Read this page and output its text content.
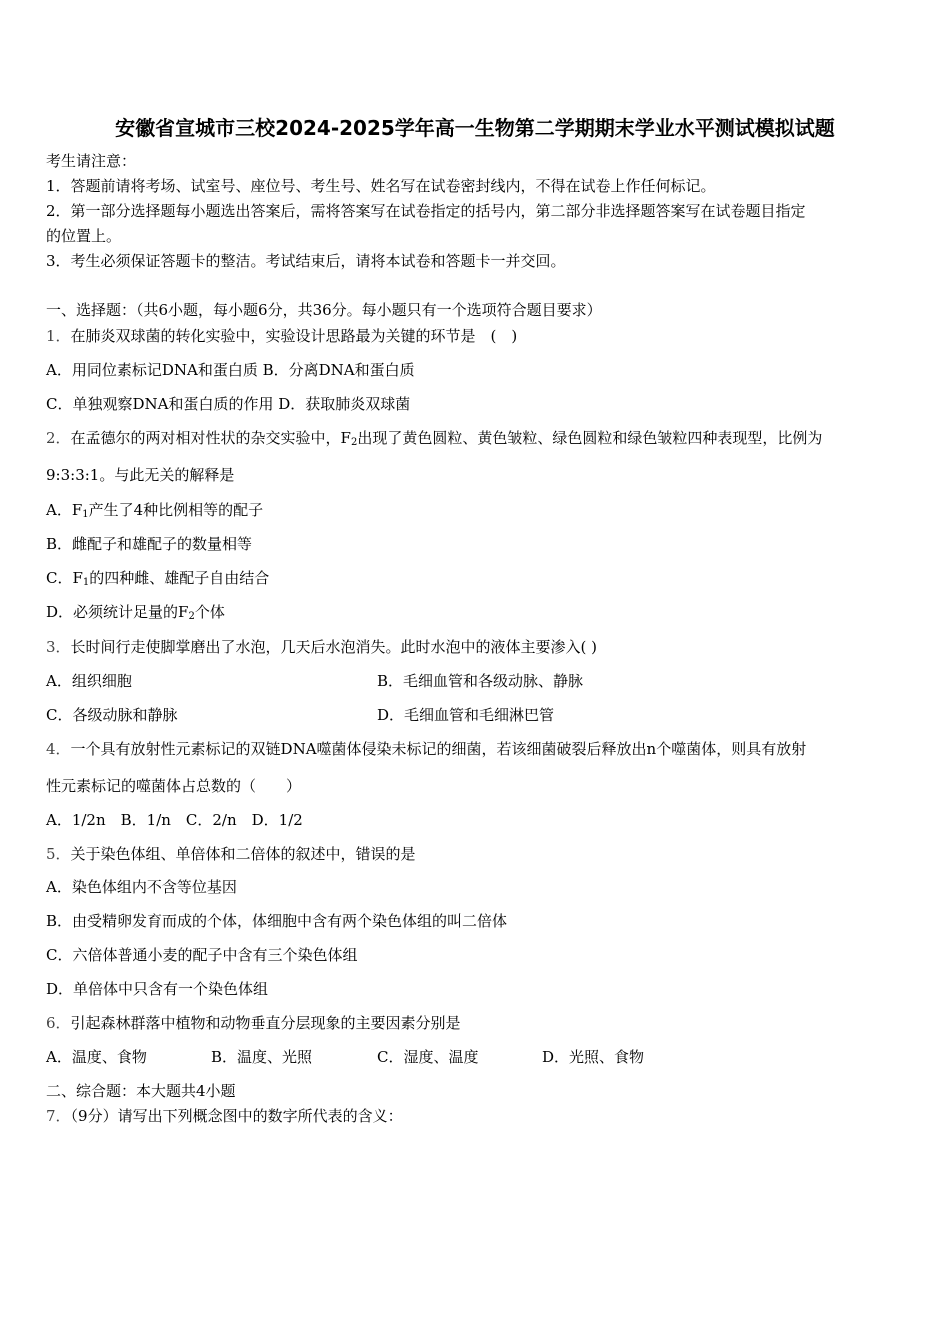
安徽省宣城市三校2024-2025学年高一生物第二学期期末学业水平测试模拟试题
考生请注意：
1．答题前请将考场、试室号、座位号、考生号、姓名写在试卷密封线内，不得在试卷上作任何标记。
2．第一部分选择题每小题选出答案后，需将答案写在试卷指定的括号内，第二部分非选择题答案写在试卷题目指定
的位置上。
3．考生必须保证答题卡的整洁。考试结束后，请将本试卷和答题卡一并交回。
一、选择题：（共6小题，每小题6分，共36分。每小题只有一个选项符合题目要求）
1．在肺炎双球菌的转化实验中，实验设计思路最为关键的环节是　(　)
A．用同位素标记DNA和蛋白质 B．分离DNA和蛋白质
C．单独观察DNA和蛋白质的作用 D．获取肺炎双球菌
2．在孟德尔的两对相对性状的杂交实验中，$F_2$出现了黄色圆粒、黄色皱粒、绿色圆粒和绿色皱粒四种表现型，比例为
9:3:3:1。与此无关的解释是
A．$F_1$产生了4种比例相等的配子
B．雌配子和雄配子的数量相等
C．$F_1$的四种雌、雄配子自由结合
D．必须统计足量的$F_2$个体
3．长时间行走使脚掌磨出了水泡，几天后水泡消失。此时水泡中的液体主要渗入( )
A．组织细胞	B．毛细血管和各级动脉、静脉
C．各级动脉和静脉	D．毛细血管和毛细淋巴管
4．一个具有放射性元素标记的双链DNA噬菌体侵染未标记的细菌，若该细菌破裂后释放出n个噬菌体，则具有放射
性元素标记的噬菌体占总数的（　　）
A．1/2n　B．1/n　C．2/n　D．1/2
5．关于染色体组、单倍体和二倍体的叙述中，错误的是
A．染色体组内不含等位基因
B．由受精卵发育而成的个体，体细胞中含有两个染色体组的叫二倍体
C．六倍体普通小麦的配子中含有三个染色体组
D．单倍体中只含有一个染色体组
6．引起森林群落中植物和动物垂直分层现象的主要因素分别是
A．温度、食物	B．温度、光照	C．湿度、温度	D．光照、食物
二、综合题：本大题共4小题
7．（9分）请写出下列概念图中的数字所代表的含义：
